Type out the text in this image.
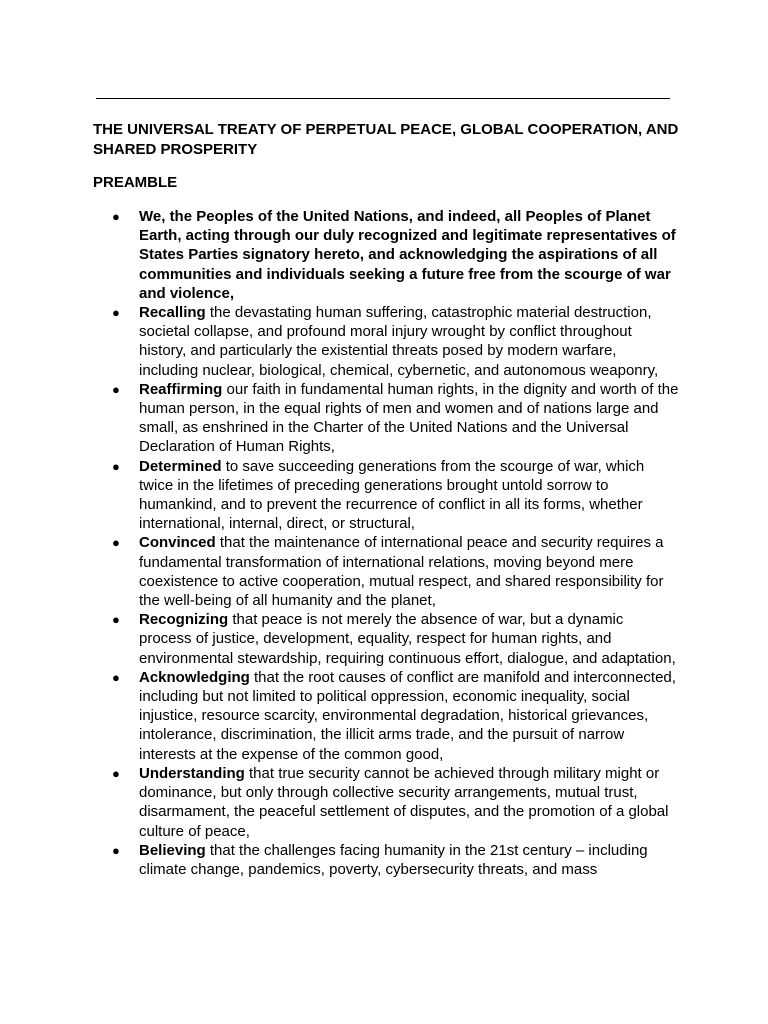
THE UNIVERSAL TREATY OF PERPETUAL PEACE, GLOBAL COOPERATION, AND SHARED PROSPERITY
PREAMBLE
● We, the Peoples of the United Nations, and indeed, all Peoples of Planet Earth, acting through our duly recognized and legitimate representatives of States Parties signatory hereto, and acknowledging the aspirations of all communities and individuals seeking a future free from the scourge of war and violence,
● Recalling the devastating human suffering, catastrophic material destruction, societal collapse, and profound moral injury wrought by conflict throughout history, and particularly the existential threats posed by modern warfare, including nuclear, biological, chemical, cybernetic, and autonomous weaponry,
● Reaffirming our faith in fundamental human rights, in the dignity and worth of the human person, in the equal rights of men and women and of nations large and small, as enshrined in the Charter of the United Nations and the Universal Declaration of Human Rights,
● Determined to save succeeding generations from the scourge of war, which twice in the lifetimes of preceding generations brought untold sorrow to humankind, and to prevent the recurrence of conflict in all its forms, whether international, internal, direct, or structural,
● Convinced that the maintenance of international peace and security requires a fundamental transformation of international relations, moving beyond mere coexistence to active cooperation, mutual respect, and shared responsibility for the well-being of all humanity and the planet,
● Recognizing that peace is not merely the absence of war, but a dynamic process of justice, development, equality, respect for human rights, and environmental stewardship, requiring continuous effort, dialogue, and adaptation,
● Acknowledging that the root causes of conflict are manifold and interconnected, including but not limited to political oppression, economic inequality, social injustice, resource scarcity, environmental degradation, historical grievances, intolerance, discrimination, the illicit arms trade, and the pursuit of narrow interests at the expense of the common good,
● Understanding that true security cannot be achieved through military might or dominance, but only through collective security arrangements, mutual trust, disarmament, the peaceful settlement of disputes, and the promotion of a global culture of peace,
● Believing that the challenges facing humanity in the 21st century – including climate change, pandemics, poverty, cybersecurity threats, and mass
